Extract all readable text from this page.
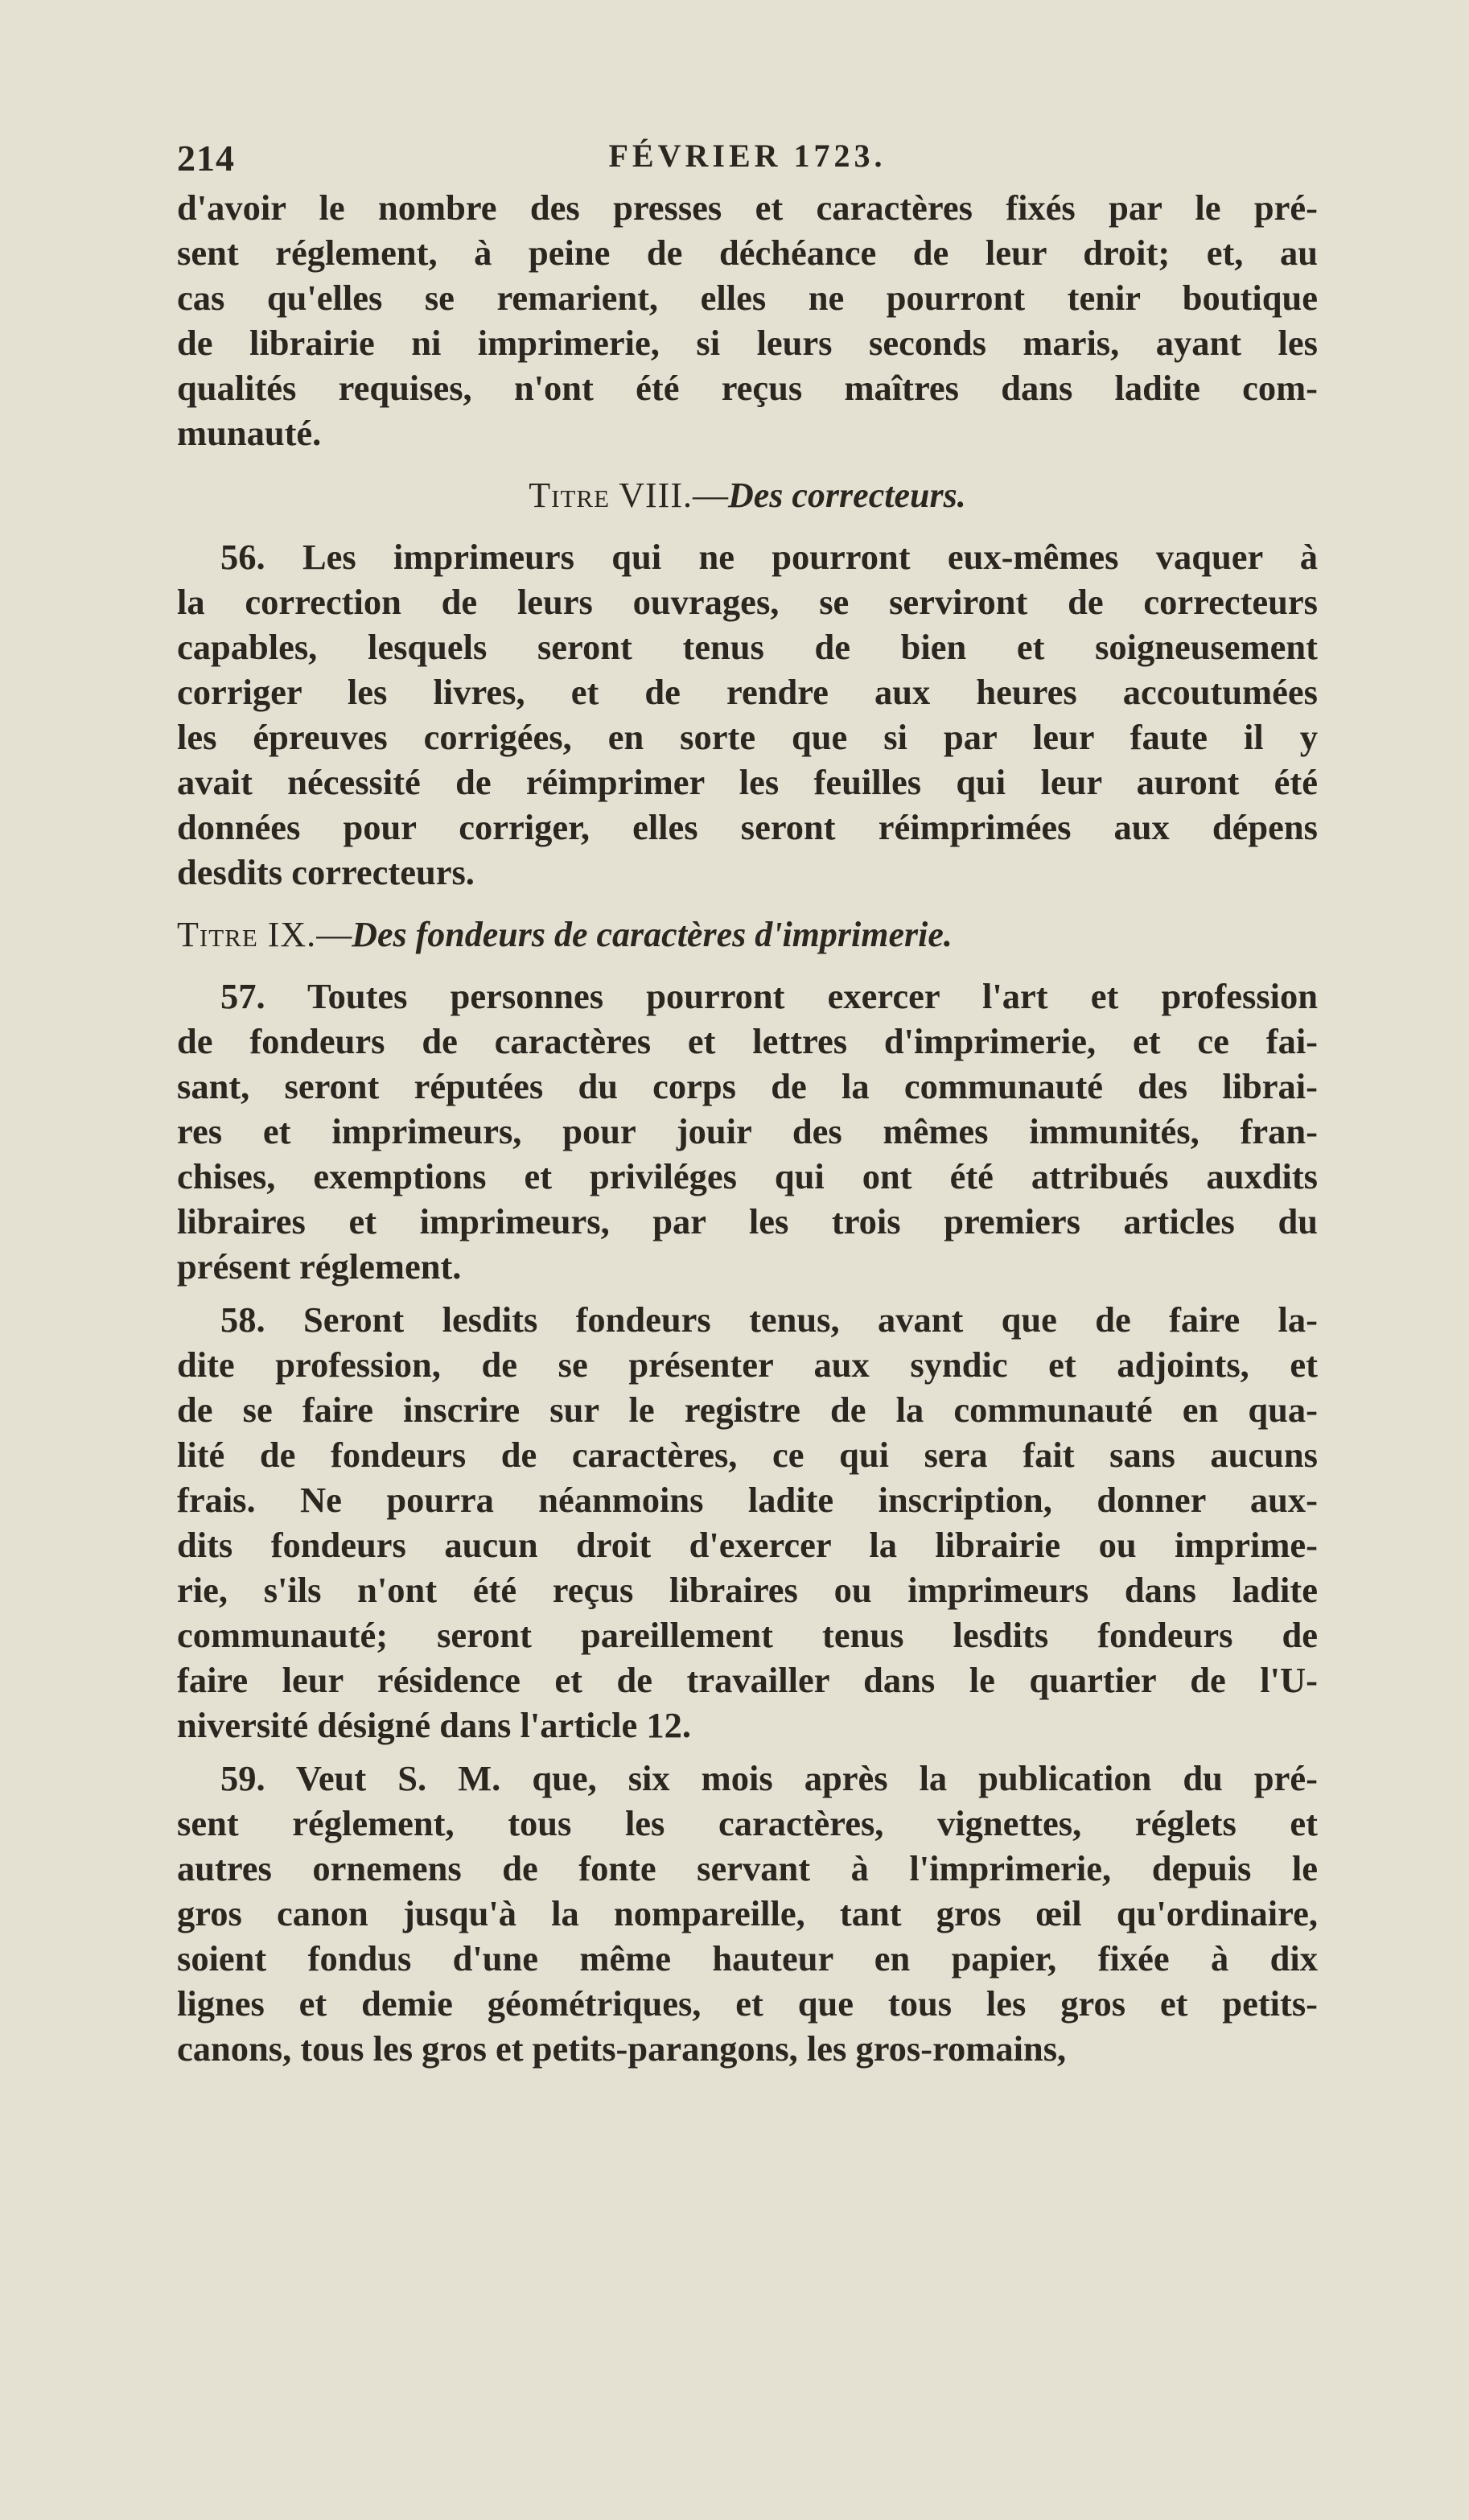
214	FÉVRIER 1723.

d'avoir le nombre des presses et caractères fixés par le pré-
sent réglement, à peine de déchéance de leur droit; et, au
cas qu'elles se remarient, elles ne pourront tenir boutique
de librairie ni imprimerie, si leurs seconds maris, ayant les
qualités requises, n'ont été reçus maîtres dans ladite com-
munauté.

Titre VIII.—Des correcteurs.

56. Les imprimeurs qui ne pourront eux-mêmes vaquer à
la correction de leurs ouvrages, se serviront de correcteurs
capables, lesquels seront tenus de bien et soigneusement
corriger les livres, et de rendre aux heures accoutumées
les épreuves corrigées, en sorte que si par leur faute il y
avait nécessité de réimprimer les feuilles qui leur auront été
données pour corriger, elles seront réimprimées aux dépens
desdits correcteurs.

Titre IX.—Des fondeurs de caractères d'imprimerie.

57. Toutes personnes pourront exercer l'art et profession
de fondeurs de caractères et lettres d'imprimerie, et ce fai-
sant, seront réputées du corps de la communauté des librai-
res et imprimeurs, pour jouir des mêmes immunités, fran-
chises, exemptions et priviléges qui ont été attribués auxdits
libraires et imprimeurs, par les trois premiers articles du
présent réglement.

58. Seront lesdits fondeurs tenus, avant que de faire la-
dite profession, de se présenter aux syndic et adjoints, et
de se faire inscrire sur le registre de la communauté en qua-
lité de fondeurs de caractères, ce qui sera fait sans aucuns
frais. Ne pourra néanmoins ladite inscription, donner aux-
dits fondeurs aucun droit d'exercer la librairie ou imprime-
rie, s'ils n'ont été reçus libraires ou imprimeurs dans ladite
communauté; seront pareillement tenus lesdits fondeurs de
faire leur résidence et de travailler dans le quartier de l'U-
niversité désigné dans l'article 12.

59. Veut S. M. que, six mois après la publication du pré-
sent réglement, tous les caractères, vignettes, réglets et
autres ornemens de fonte servant à l'imprimerie, depuis le
gros canon jusqu'à la nompareille, tant gros œil qu'ordinaire,
soient fondus d'une même hauteur en papier, fixée à dix
lignes et demie géométriques, et que tous les gros et petits-
canons, tous les gros et petits-parangons, les gros-romains,
